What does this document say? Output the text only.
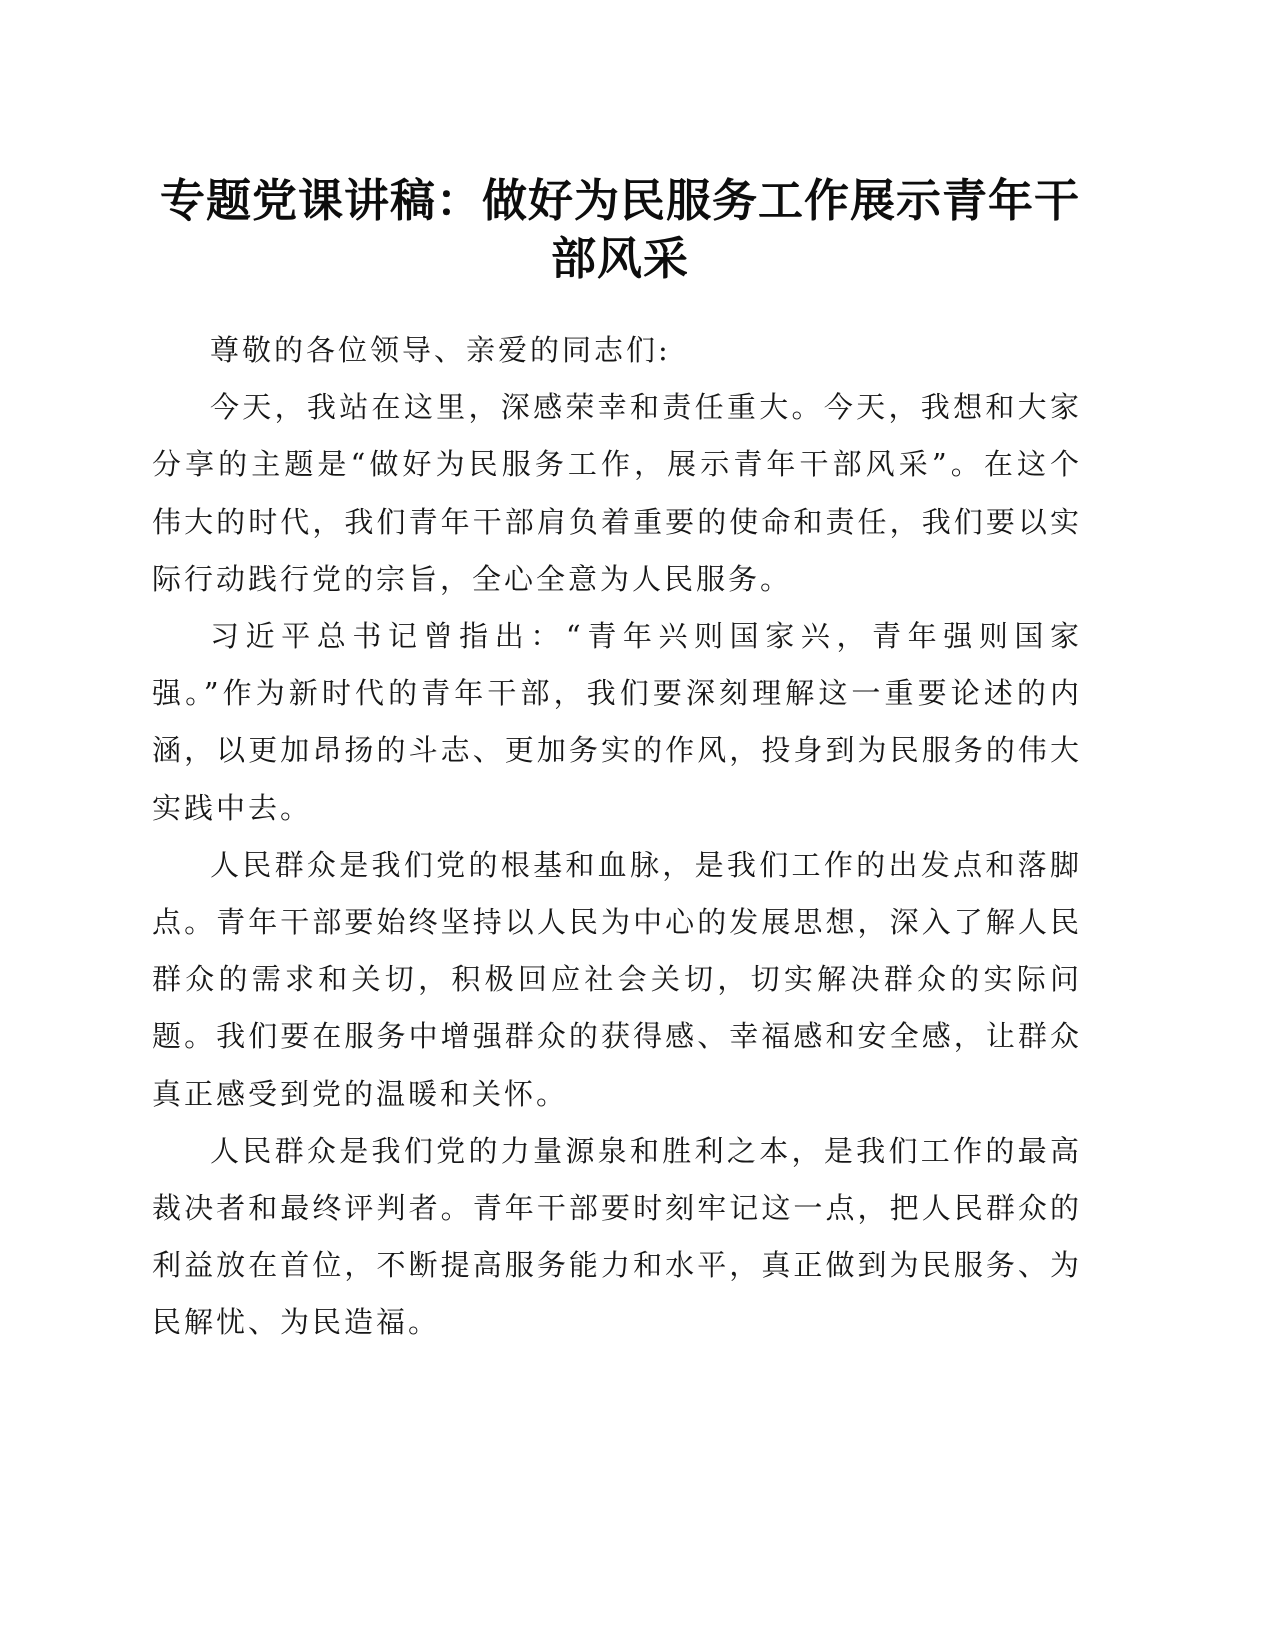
专题党课讲稿：做好为民服务工作展示青年干部风采

尊敬的各位领导、亲爱的同志们:

今天，我站在这里，深感荣幸和责任重大。今天，我想和大家分享的主题是“做好为民服务工作，展示青年干部风采”。在这个伟大的时代，我们青年干部肩负着重要的使命和责任，我们要以实际行动践行党的宗旨，全心全意为人民服务。

习近平总书记曾指出：“青年兴则国家兴，青年强则国家强。”作为新时代的青年干部，我们要深刻理解这一重要论述的内涵，以更加昂扬的斗志、更加务实的作风，投身到为民服务的伟大实践中去。

人民群众是我们党的根基和血脉，是我们工作的出发点和落脚点。青年干部要始终坚持以人民为中心的发展思想，深入了解人民群众的需求和关切，积极回应社会关切，切实解决群众的实际问题。我们要在服务中增强群众的获得感、幸福感和安全感，让群众真正感受到党的温暖和关怀。

人民群众是我们党的力量源泉和胜利之本，是我们工作的最高裁决者和最终评判者。青年干部要时刻牢记这一点，把人民群众的利益放在首位，不断提高服务能力和水平，真正做到为民服务、为民解忧、为民造福。
